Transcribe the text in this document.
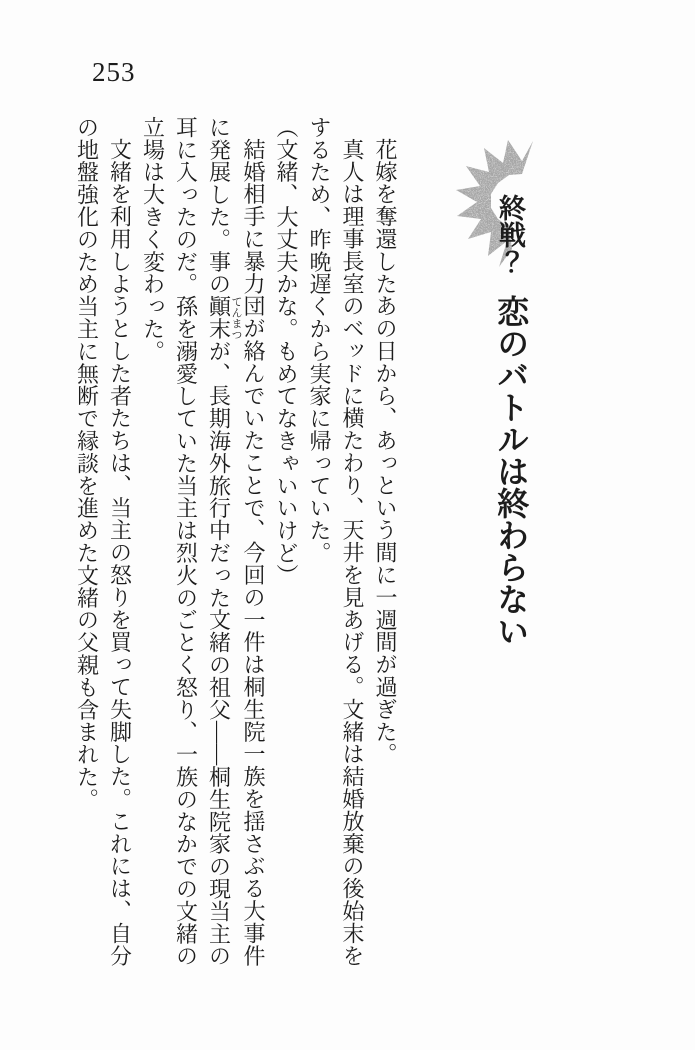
253
終戦？
恋のバトルは終わらない

花嫁を奪還したあの日から、あっという間に一週間が過ぎた。

真人は理事長室のベッドに横たわり、天井を見あげる。文緒は結婚放棄の後始末をするため、昨晩遅くから実家に帰っていた。

（文緒、大丈夫かな。もめてなきゃいいけど）

結婚相手に暴力団が絡んでいたことで、今回の一件は桐生院一族を揺さぶる大事件に発展した。事の顚末てんまつが、長期海外旅行中だった文緒の祖父――桐生院家の現当主の耳に入ったのだ。孫を溺愛していた当主は烈火のごとく怒り、一族のなかでの文緒の立場は大きく変わった。

文緒を利用しようとした者たちは、当主の怒りを買って失脚した。これには、自分の地盤強化のため当主に無断で縁談を進めた文緒の父親も含まれた。
